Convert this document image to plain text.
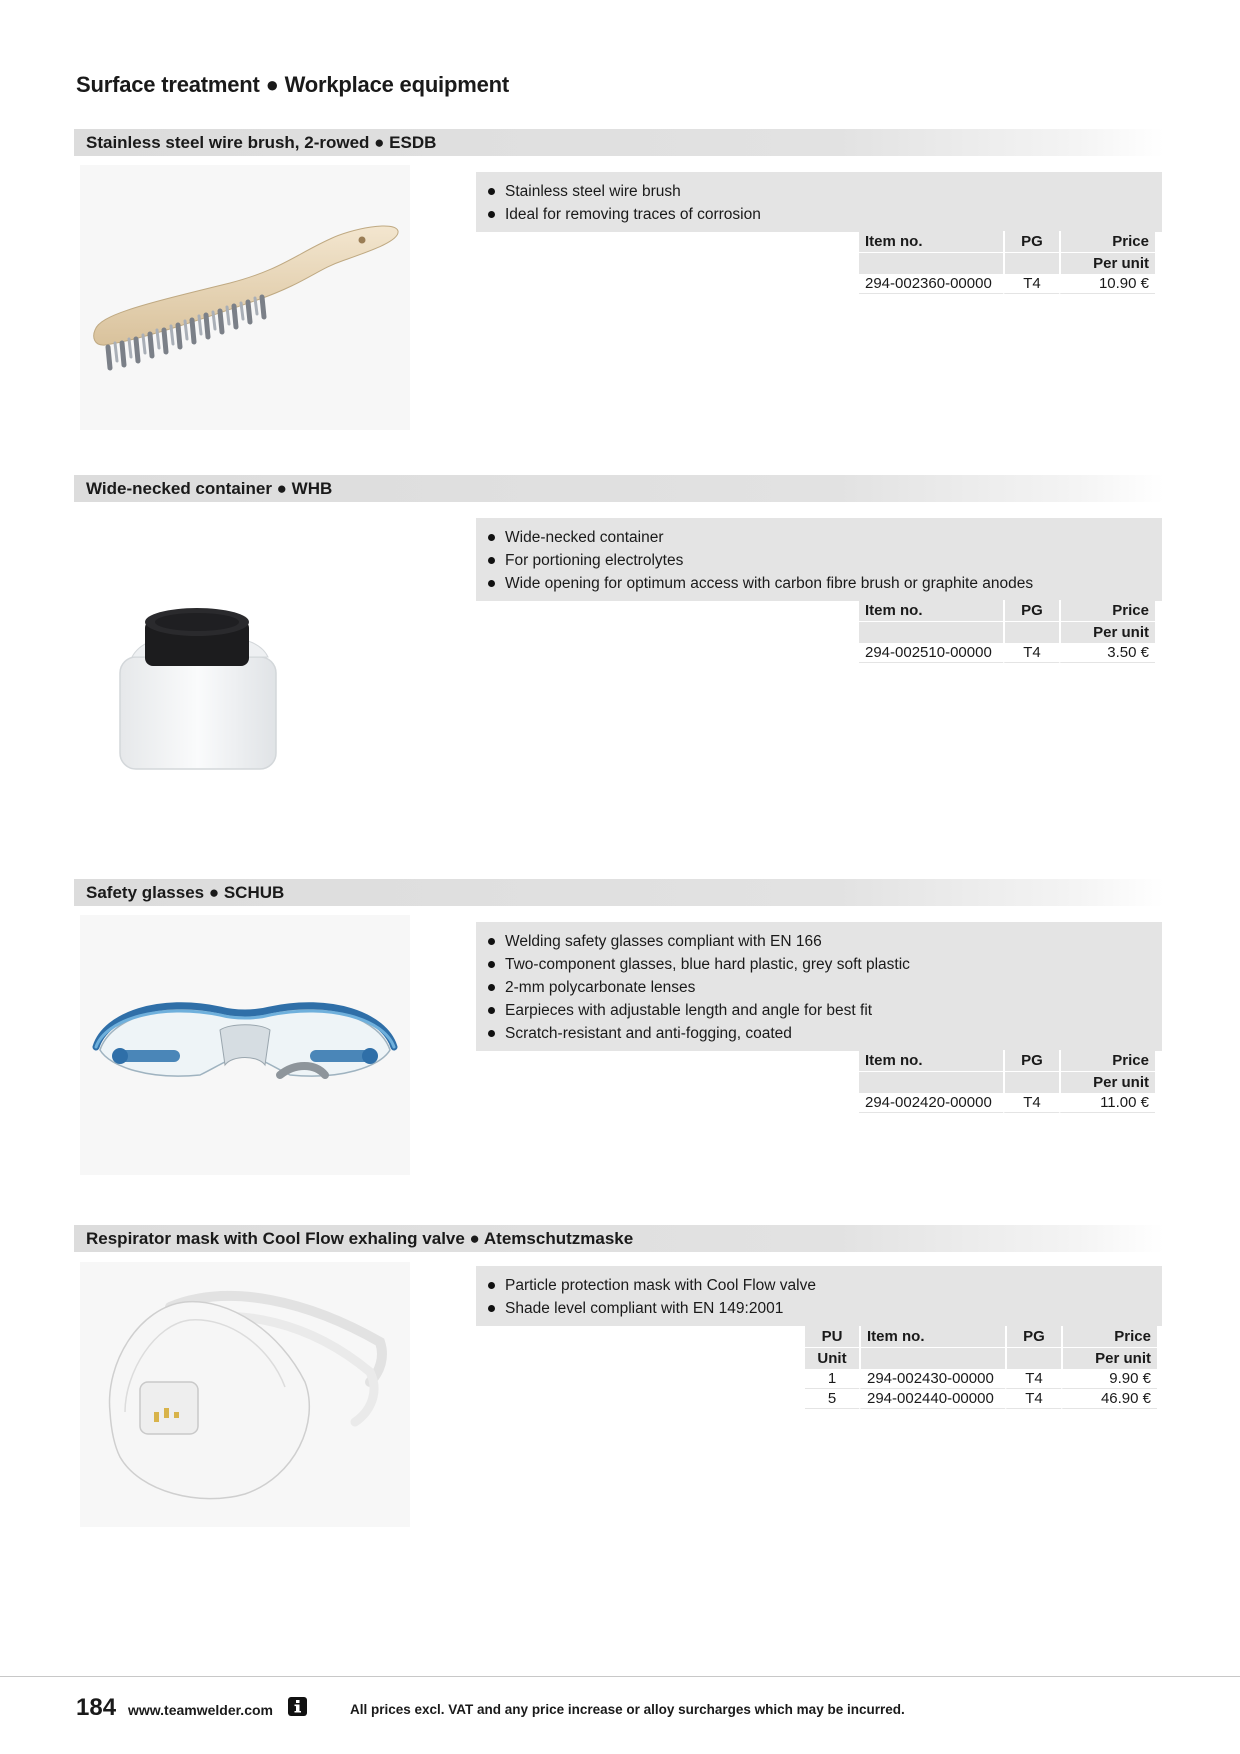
Surface treatment ● Workplace equipment
Stainless steel wire brush, 2-rowed ● ESDB
Stainless steel wire brush
Ideal for removing traces of corrosion
Item no.	PG	Price
		Per unit
294-002360-00000	T4	10.90 €
Wide-necked container ● WHB
Wide-necked container
For portioning electrolytes
Wide opening for optimum access with carbon fibre brush or graphite anodes
Item no.	PG	Price
		Per unit
294-002510-00000	T4	3.50 €
Safety glasses ● SCHUB
Welding safety glasses compliant with EN 166
Two-component glasses, blue hard plastic, grey soft plastic
2-mm polycarbonate lenses
Earpieces with adjustable length and angle for best fit
Scratch-resistant and anti-fogging, coated
Item no.	PG	Price
		Per unit
294-002420-00000	T4	11.00 €
Respirator mask with Cool Flow exhaling valve ● Atemschutzmaske
Particle protection mask with Cool Flow valve
Shade level compliant with EN 149:2001
PU	Item no.	PG	Price
Unit			Per unit
1	294-002430-00000	T4	9.90 €
5	294-002440-00000	T4	46.90 €
184 www.teamwelder.com	All prices excl. VAT and any price increase or alloy surcharges which may be incurred.
